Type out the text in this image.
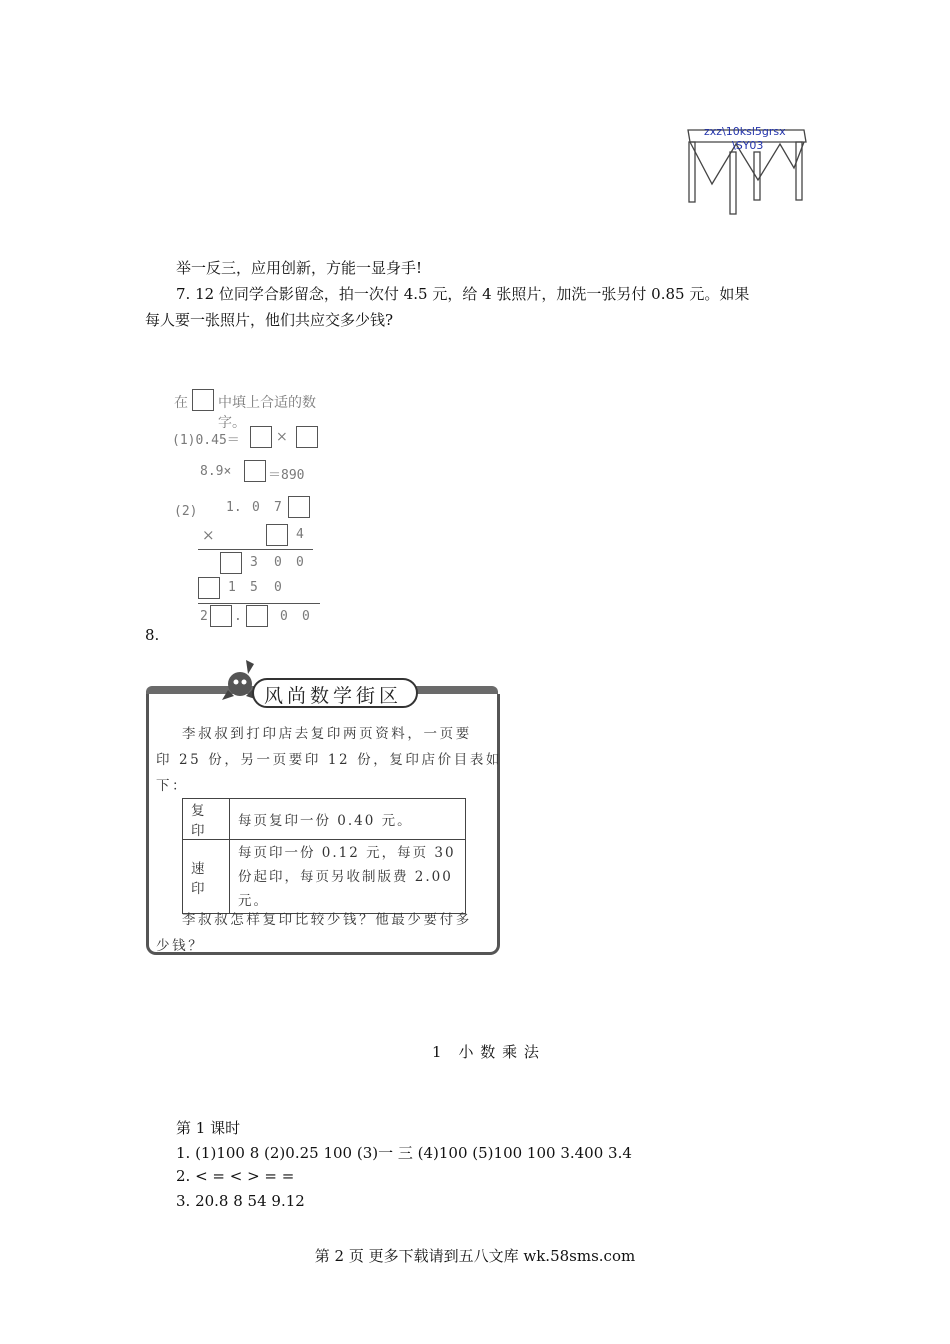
zxz\10ksl5grsx
\SY03
举一反三，应用创新，方能一显身手!
7. 12 位同学合影留念，拍一次付 4.5 元，给 4 张照片，加洗一张另付 0.85 元。如果
每人要一张照片，他们共应交多少钱?
在 中填上合适的数字。
(1)0.45＝	×
8.9×	＝890
(2) 1. 0 7
×	4
3 0 0
1 5 0
2 .	0 0
8.
风尚数学街区
李叔叔到打印店去复印两页资料，一页要
印 25 份，另一页要印 12 份，复印店价目表如
下：
复印	每页复印一份 0.40 元。
速印	每页印一份 0.12 元，每页 30
份起印，每页另收制版费 2.00
元。
李叔叔怎样复印比较少钱？他最少要付多
少钱？
1　小 数 乘 法
第 1 课时
1. (1)100 8 (2)0.25 100 (3)一 三 (4)100 (5)100 100 3.400 3.4
2. < = < > = =
3. 20.8 8 54 9.12
第 2 页 更多下载请到五八文库 wk.58sms.com
